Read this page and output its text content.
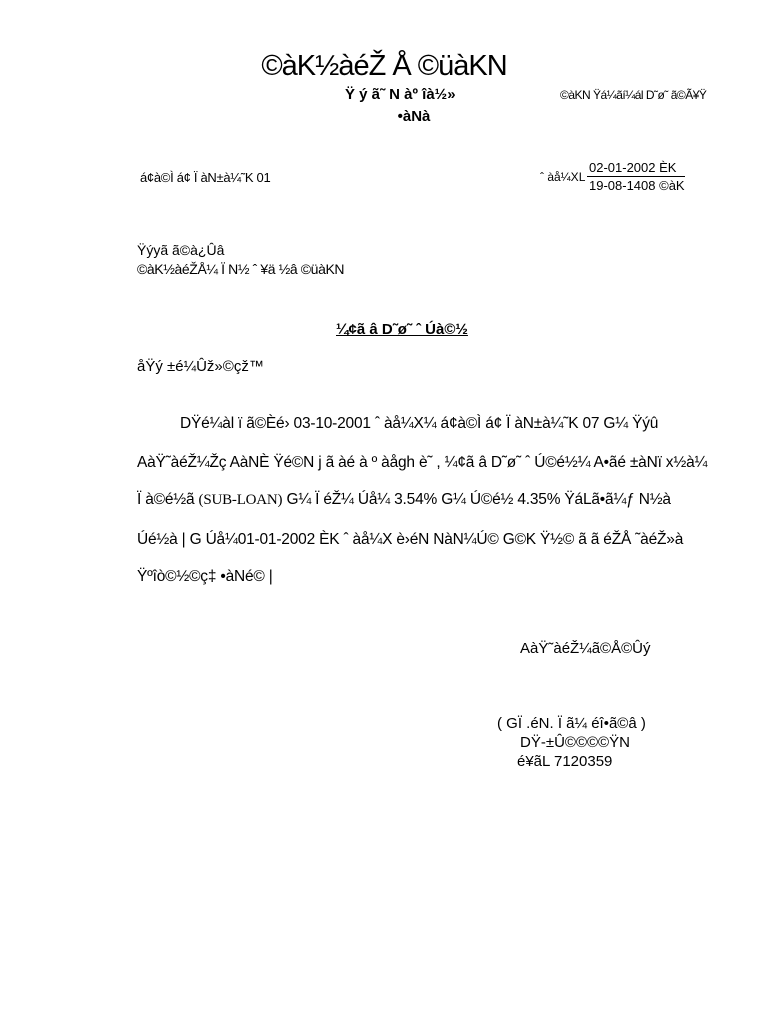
©àK½àéŽ Å ©üàKN
Ÿ ý ã˜ N àº îà½»	©àKN Ÿá¼ãí¼ál D˜ø˜ ã©Ã¥Ÿ
•àNà
á¢à©Ì á¢ Ï àN±à¼˜K 01	ˆ àå¼XL
02-01-2002 ÈK
19-08-1408 ©àK
Ÿýyã ã©à¿Ûâ
©àK½àéŽÅ¼ Ï N½ ˆ ¥ä ½â ©üàKN
¼¢ã â D˜ø˜ ˆ Úà©½
åŸý ±é¼Ûž»©çž™
DŸé¼àl ï ã©Èé› 03-10-2001 ˆ àå¼X¼ á¢à©Ì á¢ Ï àN±à¼˜K 07 G¼ Ÿýû
AàŸ˜àéŽ¼Žç AàNÈ Ÿé©N j ã àé à º àågh è˜ , ¼¢ã â D˜ø˜ ˆ Ú©é½¼ A•ãé ±àNï x½à¼
Ï à©é½ã (SUB-LOAN) G¼ Ï éŽ¼ Úå¼ 3.54% G¼ Ú©é½ 4.35% ŸáLã•ã¼ƒ N½à
Úé½à | G Úå¼01-01-2002 ÈK ˆ àå¼X è›éN NàN¼Ú© G©K Ÿ½© ã ã éŽÅ ˜àéŽ»à
Ÿºîò©½©ç‡ •àNé© |
AàŸ˜àéŽ¼ã©Å©Ûý
( GÏ .éN. Ï ã¼ éî•ã©â )
DŸ-±Û©©©©ŸN
é¥ãL 7120359
